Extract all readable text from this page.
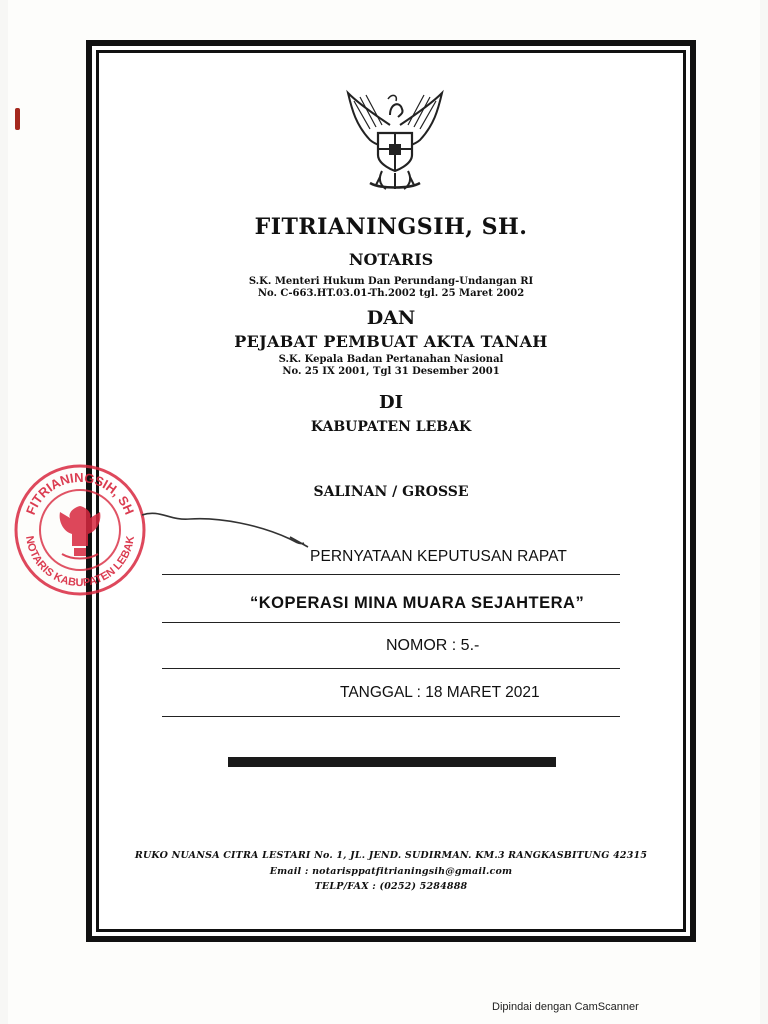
FITRIANINGSIH, SH.
NOTARIS
S.K. Menteri Hukum Dan Perundang-Undangan RI
No. C-663.HT.03.01-Th.2002 tgl. 25 Maret 2002
DAN
PEJABAT PEMBUAT AKTA TANAH
S.K. Kepala Badan Pertanahan Nasional
No. 25 IX 2001, Tgl 31 Desember 2001
DI
KABUPATEN LEBAK
SALINAN / GROSSE
PERNYATAAN KEPUTUSAN RAPAT
“KOPERASI MINA MUARA SEJAHTERA”
NOMOR : 5.-
TANGGAL : 18 MARET 2021
RUKO NUANSA CITRA LESTARI No. 1, JL. JEND. SUDIRMAN. KM.3 RANGKASBITUNG 42315
Email : notarisppatfitrianingsih@gmail.com
TELP/FAX : (0252) 5284888
FITRIANINGSIH, SH
NOTARIS KABUPATEN LEBAK
Dipindai dengan CamScanner
